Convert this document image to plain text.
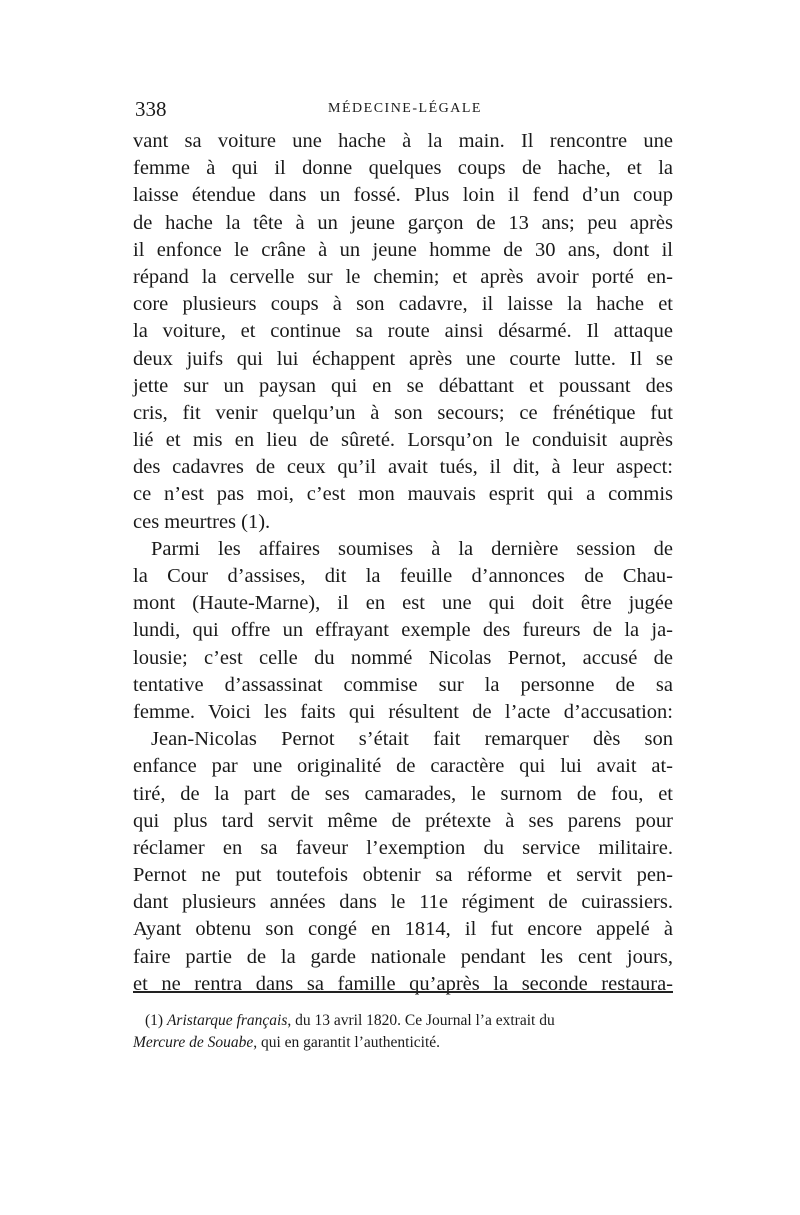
338	MÉDECINE-LÉGALE
vant sa voiture une hache à la main. Il rencontre une
femme à qui il donne quelques coups de hache, et la
laisse étendue dans un fossé. Plus loin il fend d’un coup
de hache la tête à un jeune garçon de 13 ans; peu après
il enfonce le crâne à un jeune homme de 30 ans, dont il
répand la cervelle sur le chemin; et après avoir porté en-
core plusieurs coups à son cadavre, il laisse la hache et
la voiture, et continue sa route ainsi désarmé. Il attaque
deux juifs qui lui échappent après une courte lutte. Il se
jette sur un paysan qui en se débattant et poussant des
cris, fit venir quelqu’un à son secours; ce frénétique fut
lié et mis en lieu de sûreté. Lorsqu’on le conduisit auprès
des cadavres de ceux qu’il avait tués, il dit, à leur aspect:
ce n’est pas moi, c’est mon mauvais esprit qui a commis
ces meurtres (1).
Parmi les affaires soumises à la dernière session de
la Cour d’assises, dit la feuille d’annonces de Chau-
mont (Haute-Marne), il en est une qui doit être jugée
lundi, qui offre un effrayant exemple des fureurs de la ja-
lousie; c’est celle du nommé Nicolas Pernot, accusé de
tentative d’assassinat commise sur la personne de sa
femme. Voici les faits qui résultent de l’acte d’accusation:
Jean-Nicolas Pernot s’était fait remarquer dès son
enfance par une originalité de caractère qui lui avait at-
tiré, de la part de ses camarades, le surnom de fou, et
qui plus tard servit même de prétexte à ses parens pour
réclamer en sa faveur l’exemption du service militaire.
Pernot ne put toutefois obtenir sa réforme et servit pen-
dant plusieurs années dans le 11e régiment de cuirassiers.
Ayant obtenu son congé en 1814, il fut encore appelé à
faire partie de la garde nationale pendant les cent jours,
et ne rentra dans sa famille qu’après la seconde restaura-
(1) Aristarque français, du 13 avril 1820. Ce Journal l’a extrait du
Mercure de Souabe, qui en garantit l’authenticité.
